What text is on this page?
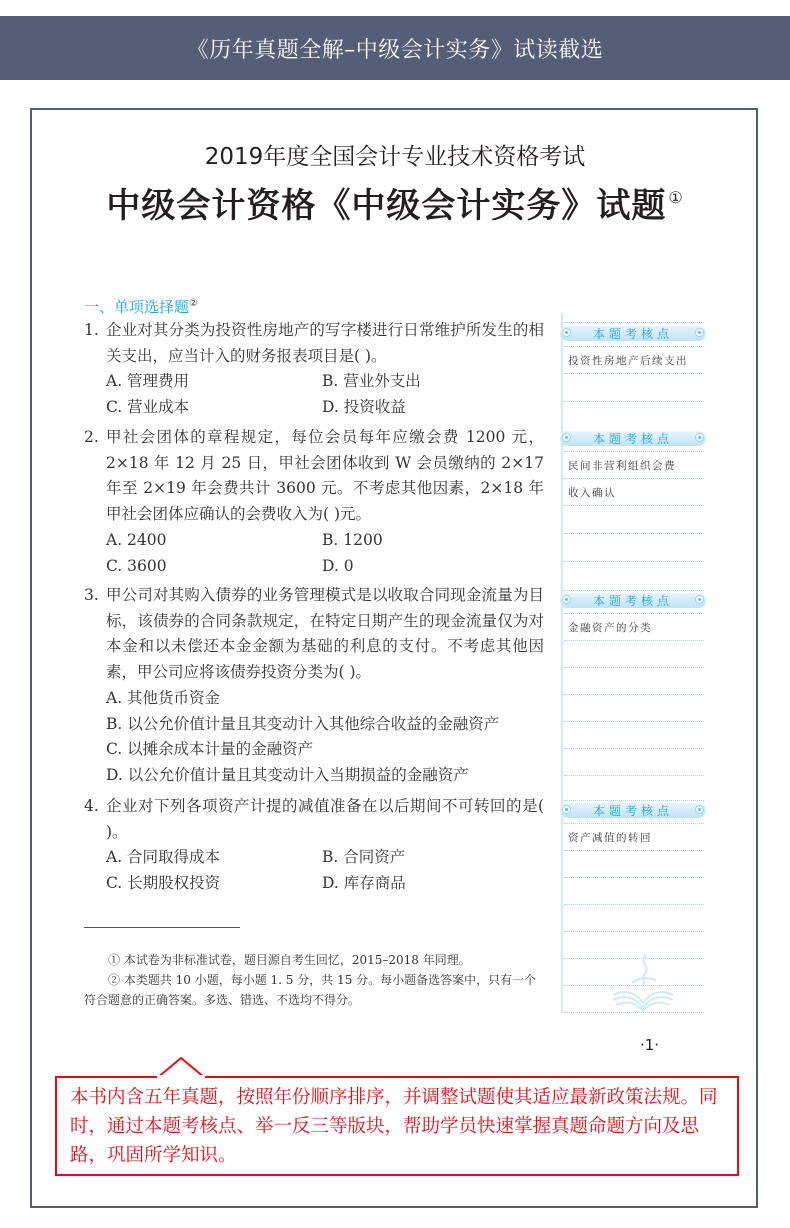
《历年真题全解–中级会计实务》试读截选
2019年度全国会计专业技术资格考试
中级会计资格《中级会计实务》试题 ①
一、单项选择题②
1. 企业对其分类为投资性房地产的写字楼进行日常维护所发生的相关支出，应当计入的财务报表项目是( )。
A. 管理费用	B. 营业外支出
C. 营业成本	D. 投资收益
2. 甲社会团体的章程规定，每位会员每年应缴会费 1200 元，2×18 年 12 月 25 日，甲社会团体收到 W 会员缴纳的 2×17 年至 2×19 年会费共计 3600 元。不考虑其他因素，2×18 年甲社会团体应确认的会费收入为( )元。
A. 2400	B. 1200
C. 3600	D. 0
3. 甲公司对其购入债券的业务管理模式是以收取合同现金流量为目标，该债券的合同条款规定，在特定日期产生的现金流量仅为对本金和以未偿还本金金额为基础的利息的支付。不考虑其他因素，甲公司应将该债券投资分类为( )。
A. 其他货币资金
B. 以公允价值计量且其变动计入其他综合收益的金融资产
C. 以摊余成本计量的金融资产
D. 以公允价值计量且其变动计入当期损益的金融资产
4. 企业对下列各项资产计提的减值准备在以后期间不可转回的是( )。
A. 合同取得成本	B. 合同资产
C. 长期股权投资	D. 库存商品
① 本试卷为非标准试卷，题目源自考生回忆，2015–2018 年同理。
② 本类题共 10 小题，每小题 1. 5 分，共 15 分。每小题备选答案中，只有一个符合题意的正确答案。多选、错选、不选均不得分。
本题考核点
投资性房地产后续支出
本题考核点
民间非营利组织会费
收入确认
本题考核点
金融资产的分类
本题考核点
资产减值的转回
·1·
本书内含五年真题，按照年份顺序排序，并调整试题使其适应最新政策法规。同时，通过本题考核点、举一反三等版块，帮助学员快速掌握真题命题方向及思路，巩固所学知识。
